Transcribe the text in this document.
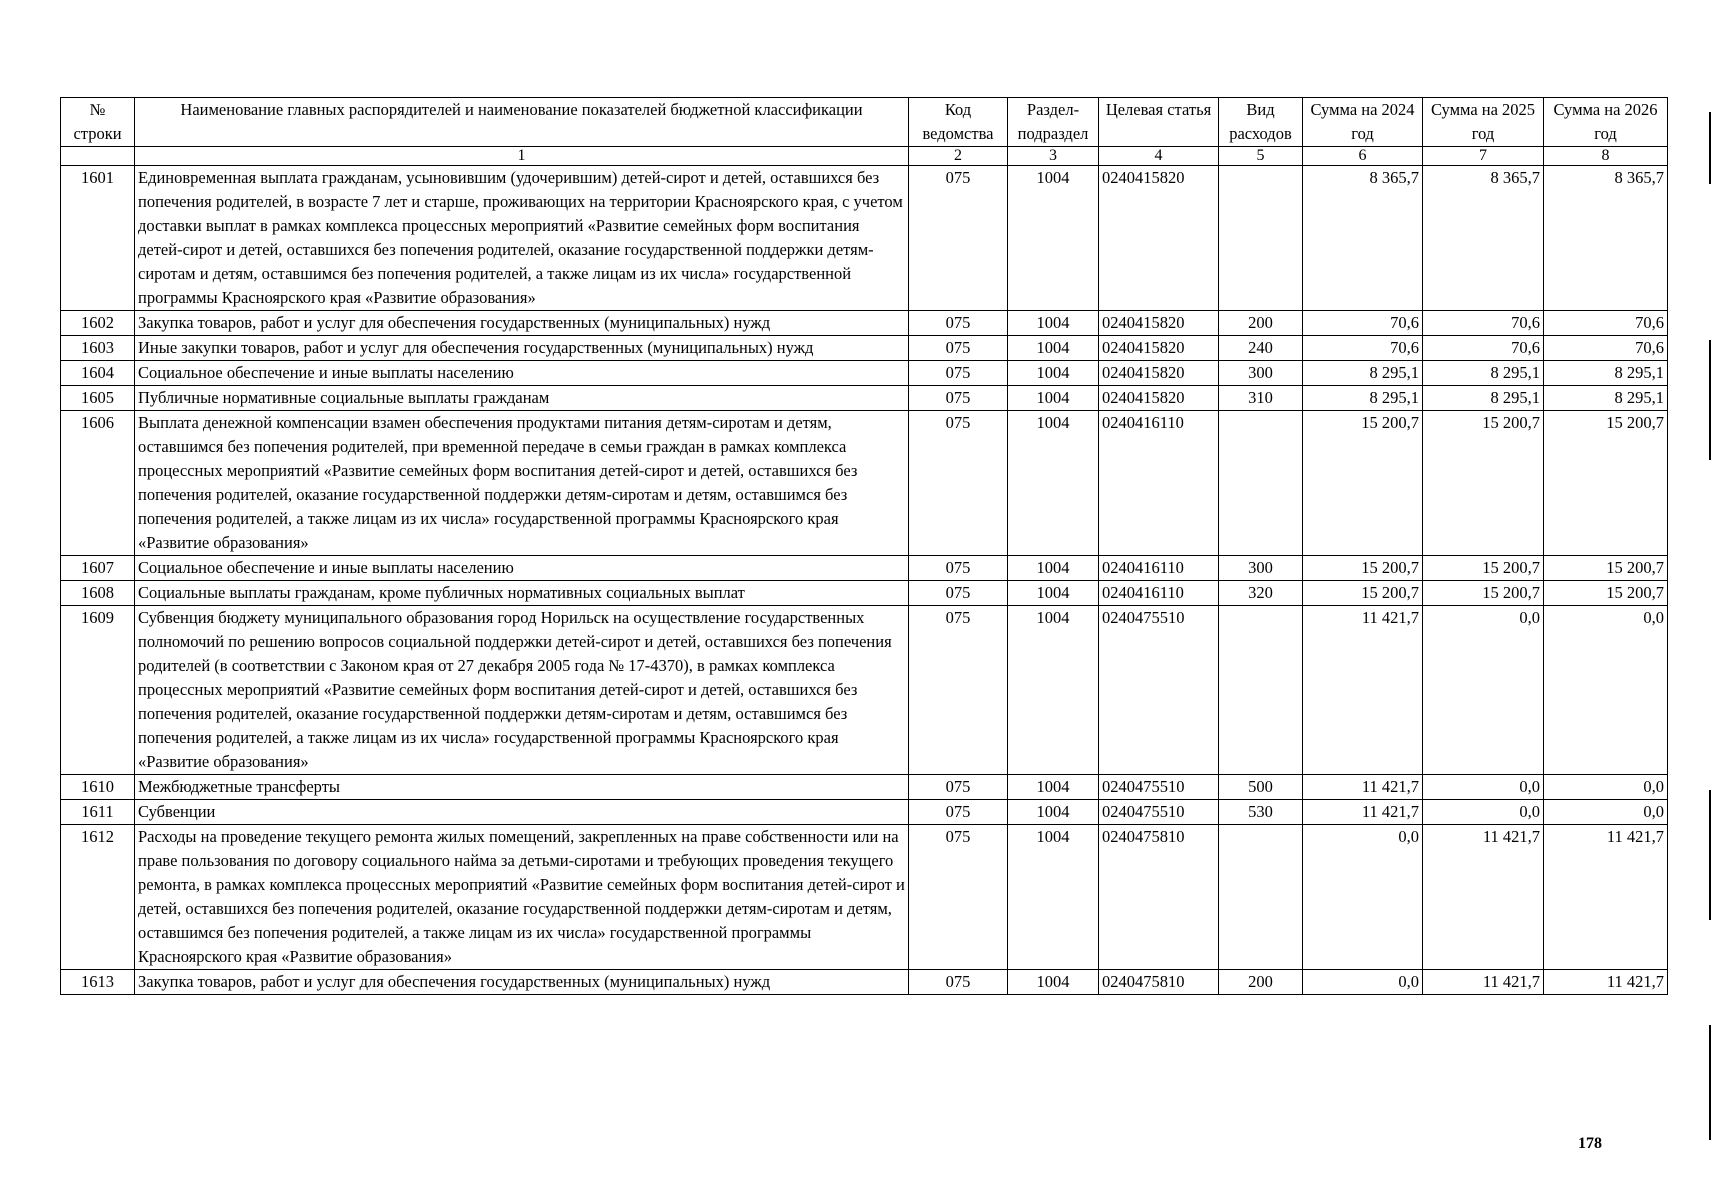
№ строки	Наименование главных распорядителей и наименование показателей бюджетной классификации	Код ведомства	Раздел-подраздел	Целевая статья	Вид расходов	Сумма на 2024 год	Сумма на 2025 год	Сумма на 2026 год
	1	2	3	4	5	6	7	8
1601	Единовременная выплата гражданам, усыновившим (удочерившим) детей-сирот и детей, оставшихся без попечения родителей, в возрасте 7 лет и старше, проживающих на территории Красноярского края, с учетом доставки выплат в рамках комплекса процессных мероприятий «Развитие семейных форм воспитания детей-сирот и детей, оставшихся без попечения родителей, оказание государственной поддержки детям-сиротам и детям, оставшимся без попечения родителей, а также лицам из их числа» государственной программы Красноярского края «Развитие образования»	075	1004	0240415820		8 365,7	8 365,7	8 365,7
1602	Закупка товаров, работ и услуг для обеспечения государственных (муниципальных) нужд	075	1004	0240415820	200	70,6	70,6	70,6
1603	Иные закупки товаров, работ и услуг для обеспечения государственных (муниципальных) нужд	075	1004	0240415820	240	70,6	70,6	70,6
1604	Социальное обеспечение и иные выплаты населению	075	1004	0240415820	300	8 295,1	8 295,1	8 295,1
1605	Публичные нормативные социальные выплаты гражданам	075	1004	0240415820	310	8 295,1	8 295,1	8 295,1
1606	Выплата денежной компенсации взамен обеспечения продуктами питания детям-сиротам и детям, оставшимся без попечения родителей, при временной передаче в семьи граждан в рамках комплекса процессных мероприятий «Развитие семейных форм воспитания детей-сирот и детей, оставшихся без попечения родителей, оказание государственной поддержки детям-сиротам и детям, оставшимся без попечения родителей, а также лицам из их числа» государственной программы Красноярского края «Развитие образования»	075	1004	0240416110		15 200,7	15 200,7	15 200,7
1607	Социальное обеспечение и иные выплаты населению	075	1004	0240416110	300	15 200,7	15 200,7	15 200,7
1608	Социальные выплаты гражданам, кроме публичных нормативных социальных выплат	075	1004	0240416110	320	15 200,7	15 200,7	15 200,7
1609	Субвенция бюджету муниципального образования город Норильск на осуществление государственных полномочий по решению вопросов социальной поддержки детей-сирот и детей, оставшихся без попечения родителей (в соответствии с Законом края от 27 декабря 2005 года № 17-4370), в рамках комплекса процессных мероприятий «Развитие семейных форм воспитания детей-сирот и детей, оставшихся без попечения родителей, оказание государственной поддержки детям-сиротам и детям, оставшимся без попечения родителей, а также лицам из их числа» государственной программы Красноярского края «Развитие образования»	075	1004	0240475510		11 421,7	0,0	0,0
1610	Межбюджетные трансферты	075	1004	0240475510	500	11 421,7	0,0	0,0
1611	Субвенции	075	1004	0240475510	530	11 421,7	0,0	0,0
1612	Расходы на проведение текущего ремонта жилых помещений, закрепленных на праве собственности или на праве пользования по договору социального найма за детьми-сиротами и требующих проведения текущего ремонта, в рамках комплекса процессных мероприятий «Развитие семейных форм воспитания детей-сирот и детей, оставшихся без попечения родителей, оказание государственной поддержки детям-сиротам и детям, оставшимся без попечения родителей, а также лицам из их числа» государственной программы Красноярского края «Развитие образования»	075	1004	0240475810		0,0	11 421,7	11 421,7
1613	Закупка товаров, работ и услуг для обеспечения государственных (муниципальных) нужд	075	1004	0240475810	200	0,0	11 421,7	11 421,7
178
